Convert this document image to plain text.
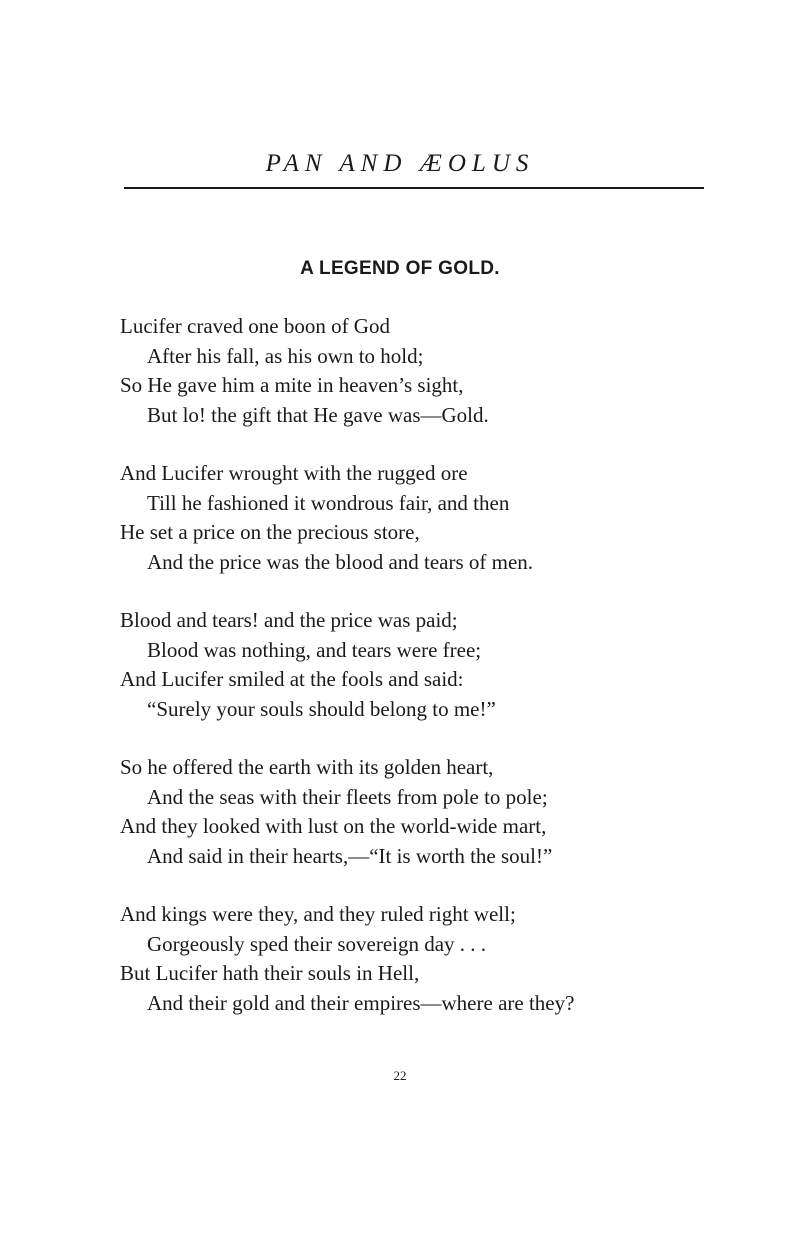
PAN AND ÆOLUS
A LEGEND OF GOLD.
Lucifer craved one boon of God
After his fall, as his own to hold;
So He gave him a mite in heaven’s sight,
But lo! the gift that He gave was—Gold.
And Lucifer wrought with the rugged ore
Till he fashioned it wondrous fair, and then
He set a price on the precious store,
And the price was the blood and tears of men.
Blood and tears! and the price was paid;
Blood was nothing, and tears were free;
And Lucifer smiled at the fools and said:
“Surely your souls should belong to me!”
So he offered the earth with its golden heart,
And the seas with their fleets from pole to pole;
And they looked with lust on the world-wide mart,
And said in their hearts,—“It is worth the soul!”
And kings were they, and they ruled right well;
Gorgeously sped their sovereign day . . .
But Lucifer hath their souls in Hell,
And their gold and their empires—where are they?
22
